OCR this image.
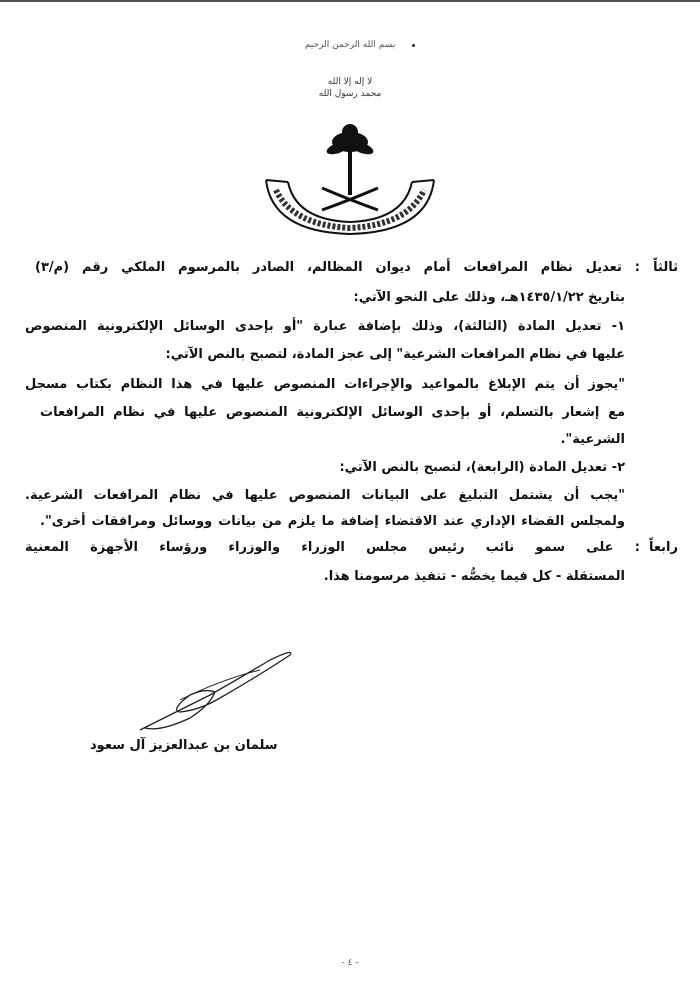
بسم الله الرحمن الرحيم
لا إله إلا الله محمد رسول الله
ثالثاً
: تعديل نظام المرافعات أمام ديوان المظالم، الصادر بالمرسوم الملكي رقم (م/٣)
بتاريخ ١٤٣٥/١/٢٢هـ، وذلك على النحو الآتي:
١- تعديل المادة (الثالثة)، وذلك بإضافة عبارة "أو بإحدى الوسائل الإلكترونية المنصوص
عليها في نظام المرافعات الشرعية" إلى عجز المادة، لتصبح بالنص الآتي:
"يجوز أن يتم الإبلاغ بالمواعيد والإجراءات المنصوص عليها في هذا النظام بكتاب مسجل
مع إشعار بالتسلم، أو بإحدى الوسائل الإلكترونية المنصوص عليها في نظام المرافعات
الشرعية".
٢- تعديل المادة (الرابعة)، لتصبح بالنص الآتي:
"يجب أن يشتمل التبليغ على البيانات المنصوص عليها في نظام المرافعات الشرعية.
ولمجلس القضاء الإداري عند الاقتضاء إضافة ما يلزم من بيانات ووسائل ومرافقات أخرى".
رابعاً
: على سمو نائب رئيس مجلس الوزراء والوزراء ورؤساء الأجهزة المعنية
المستقلة - كل فيما يخصُّه - تنفيذ مرسومنا هذا.
سلمان بن عبدالعزيز آل سعود
- ٤ -
